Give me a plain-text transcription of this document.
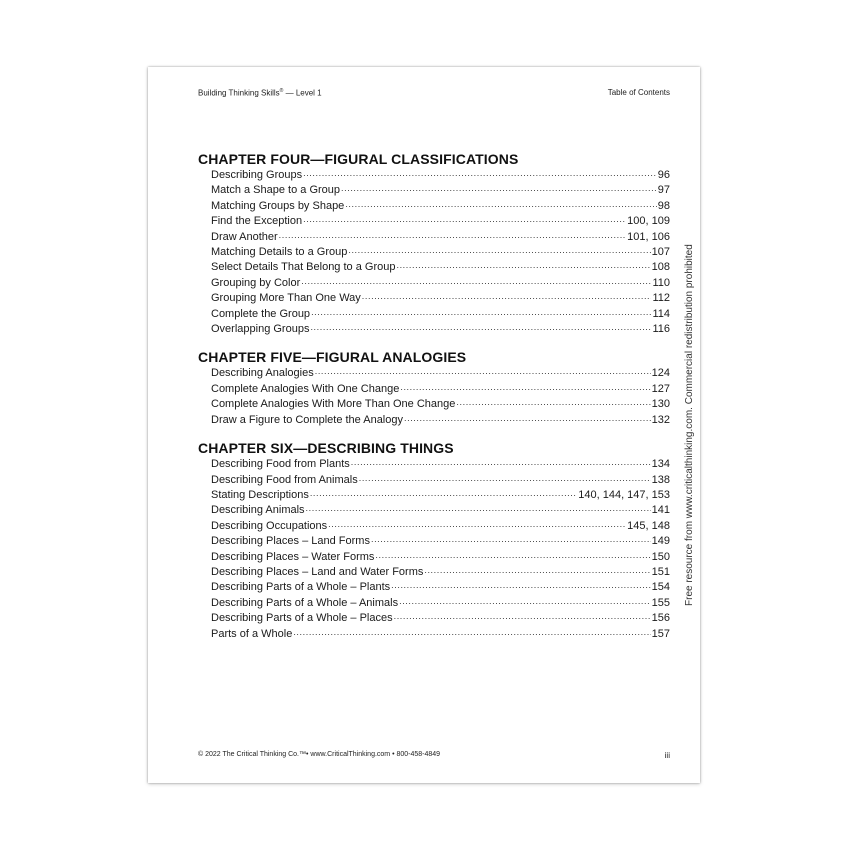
Building Thinking Skills® — Level 1	Table of Contents
CHAPTER FOUR—FIGURAL CLASSIFICATIONS
Describing Groups .....	96
Match a Shape to a Group .....	97
Matching Groups by Shape .....	98
Find the Exception .....	100, 109
Draw Another .....	101, 106
Matching Details to a Group .....	107
Select Details That Belong to a Group .....	108
Grouping by Color .....	110
Grouping More Than One Way .....	112
Complete the Group .....	114
Overlapping Groups .....	116
CHAPTER FIVE—FIGURAL ANALOGIES
Describing Analogies .....	124
Complete Analogies With One Change .....	127
Complete Analogies With More Than One Change .....	130
Draw a Figure to Complete the Analogy .....	132
CHAPTER SIX—DESCRIBING THINGS
Describing Food from Plants .....	134
Describing Food from Animals .....	138
Stating Descriptions .....	140, 144, 147, 153
Describing Animals .....	141
Describing Occupations .....	145, 148
Describing Places – Land Forms .....	149
Describing Places – Water Forms .....	150
Describing Places – Land and Water Forms .....	151
Describing Parts of a Whole – Plants .....	154
Describing Parts of a Whole – Animals .....	155
Describing Parts of a Whole – Places .....	156
Parts of a Whole .....	157
© 2022 The Critical Thinking Co.™• www.CriticalThinking.com • 800-458-4849	iii
Free resource from www.criticalthinking.com. Commercial redistribution prohibited
